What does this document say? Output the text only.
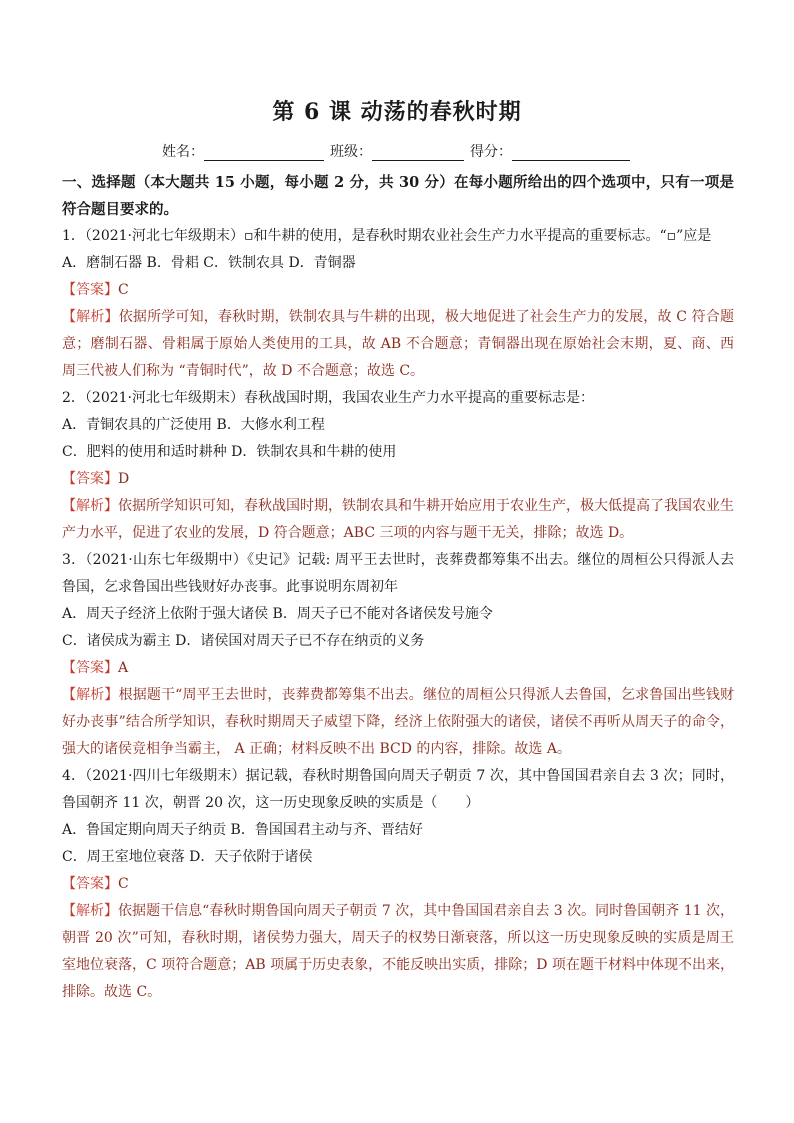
第 6 课 动荡的春秋时期
姓名：	班级：	得分：
一、选择题（本大题共 15 小题，每小题 2 分，共 30 分）在每小题所给出的四个选项中，只有一项是符合题目要求的。
1．（2021·河北七年级期末）▫和牛耕的使用，是春秋时期农业社会生产力水平提高的重要标志。“▫”应是
A．磨制石器 B．骨耜 C．铁制农具 D．青铜器
【答案】C
【解析】依据所学可知，春秋时期，铁制农具与牛耕的出现，极大地促进了社会生产力的发展，故 C 符合题意；磨制石器、骨耜属于原始人类使用的工具，故 AB 不合题意；青铜器出现在原始社会末期，夏、商、西周三代被人们称为 “青铜时代”，故 D 不合题意；故选 C。
2．（2021·河北七年级期末）春秋战国时期，我国农业生产力水平提高的重要标志是：
A．青铜农具的广泛使用 B．大修水利工程
C．肥料的使用和适时耕种 D．铁制农具和牛耕的使用
【答案】D
【解析】依据所学知识可知，春秋战国时期，铁制农具和牛耕开始应用于农业生产，极大低提高了我国农业生产力水平，促进了农业的发展，D 符合题意；ABC 三项的内容与题干无关，排除；故选 D。
3．（2021·山东七年级期中）《史记》记载: 周平王去世时，丧葬费都筹集不出去。继位的周桓公只得派人去鲁国，乞求鲁国出些钱财好办丧事。此事说明东周初年
A．周天子经济上依附于强大诸侯 B．周天子已不能对各诸侯发号施令
C．诸侯成为霸主 D．诸侯国对周天子已不存在纳贡的义务
【答案】A
【解析】根据题干“周平王去世时，丧葬费都筹集不出去。继位的周桓公只得派人去鲁国，乞求鲁国出些钱财好办丧事”结合所学知识，春秋时期周天子威望下降，经济上依附强大的诸侯，诸侯不再听从周天子的命令，强大的诸侯竞相争当霸主， A 正确；材料反映不出 BCD 的内容，排除。故选 A。
4．（2021·四川七年级期末）据记载，春秋时期鲁国向周天子朝贡 7 次，其中鲁国国君亲自去 3 次；同时，鲁国朝齐 11 次，朝晋 20 次，这一历史现象反映的实质是（　　）
A．鲁国定期向周天子纳贡 B．鲁国国君主动与齐、晋结好
C．周王室地位衰落 D．天子依附于诸侯
【答案】C
【解析】依据题干信息“春秋时期鲁国向周天子朝贡 7 次，其中鲁国国君亲自去 3 次。同时鲁国朝齐 11 次，朝晋 20 次”可知，春秋时期，诸侯势力强大，周天子的权势日渐衰落，所以这一历史现象反映的实质是周王室地位衰落，C 项符合题意；AB 项属于历史表象，不能反映出实质，排除；D 项在题干材料中体现不出来，排除。故选 C。
